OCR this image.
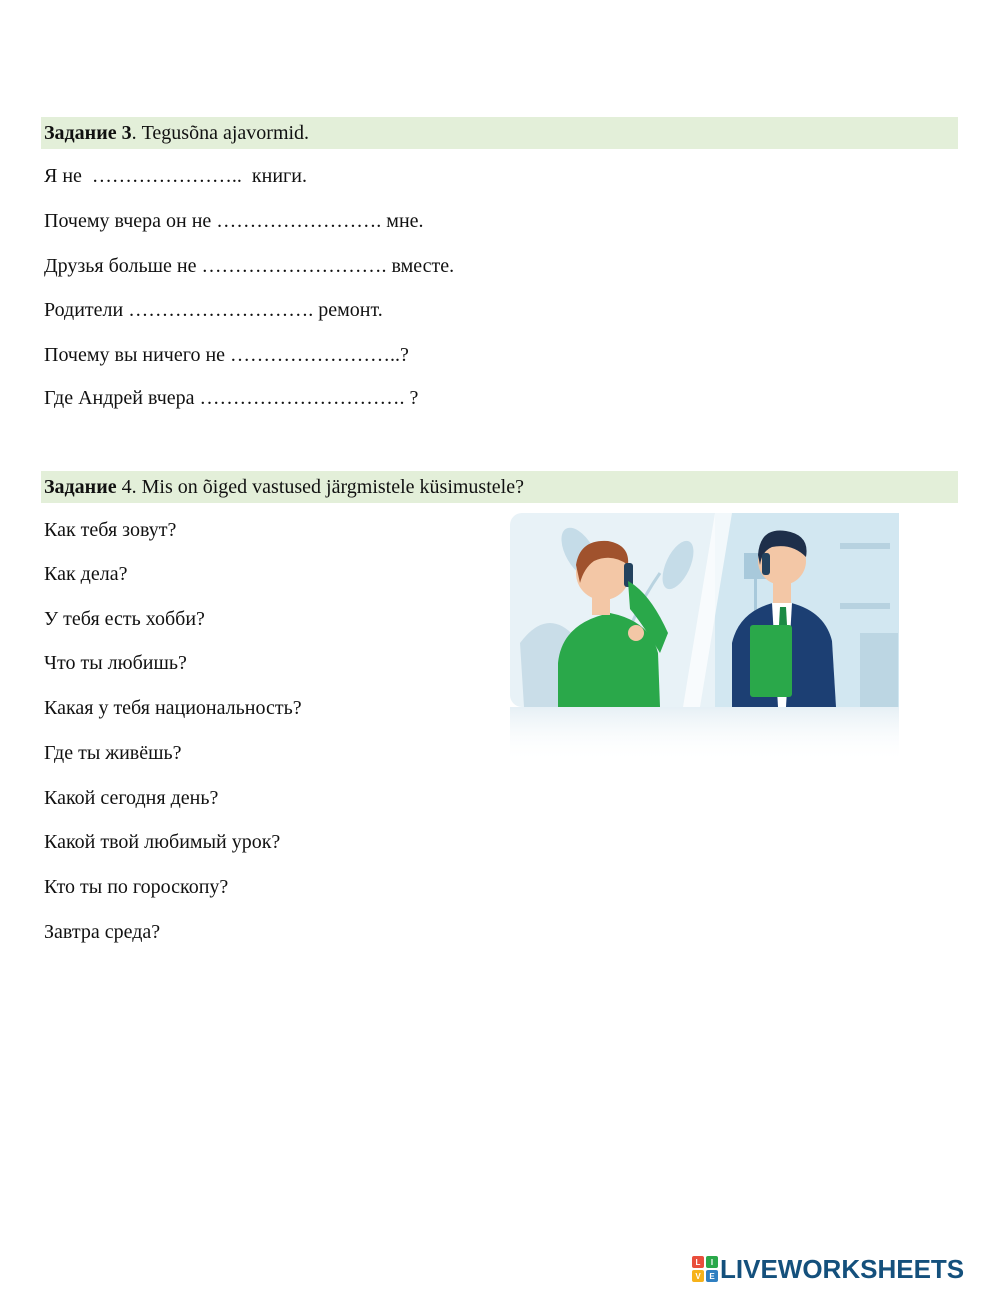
Задание 3. Tegusõna ajavormid.
Я не  …………………..  книги.
Почему вчера он не ……………………. мне.
Друзья больше не ………………………. вместе.
Родители ………………………. ремонт.
Почему вы ничего не ……………………..?
Где Андрей вчера …………………………. ?
Задание 4. Mis on õiged vastused järgmistele küsimustele?
Как тебя зовут?
Как дела?
У тебя есть хобби?
Что ты любишь?
Какая у тебя национальность?
Где ты живёшь?
Какой сегодня день?
Какой твой любимый урок?
Кто ты по гороскопу?
Завтра среда?
L I
V E LIVEWORKSHEETS
